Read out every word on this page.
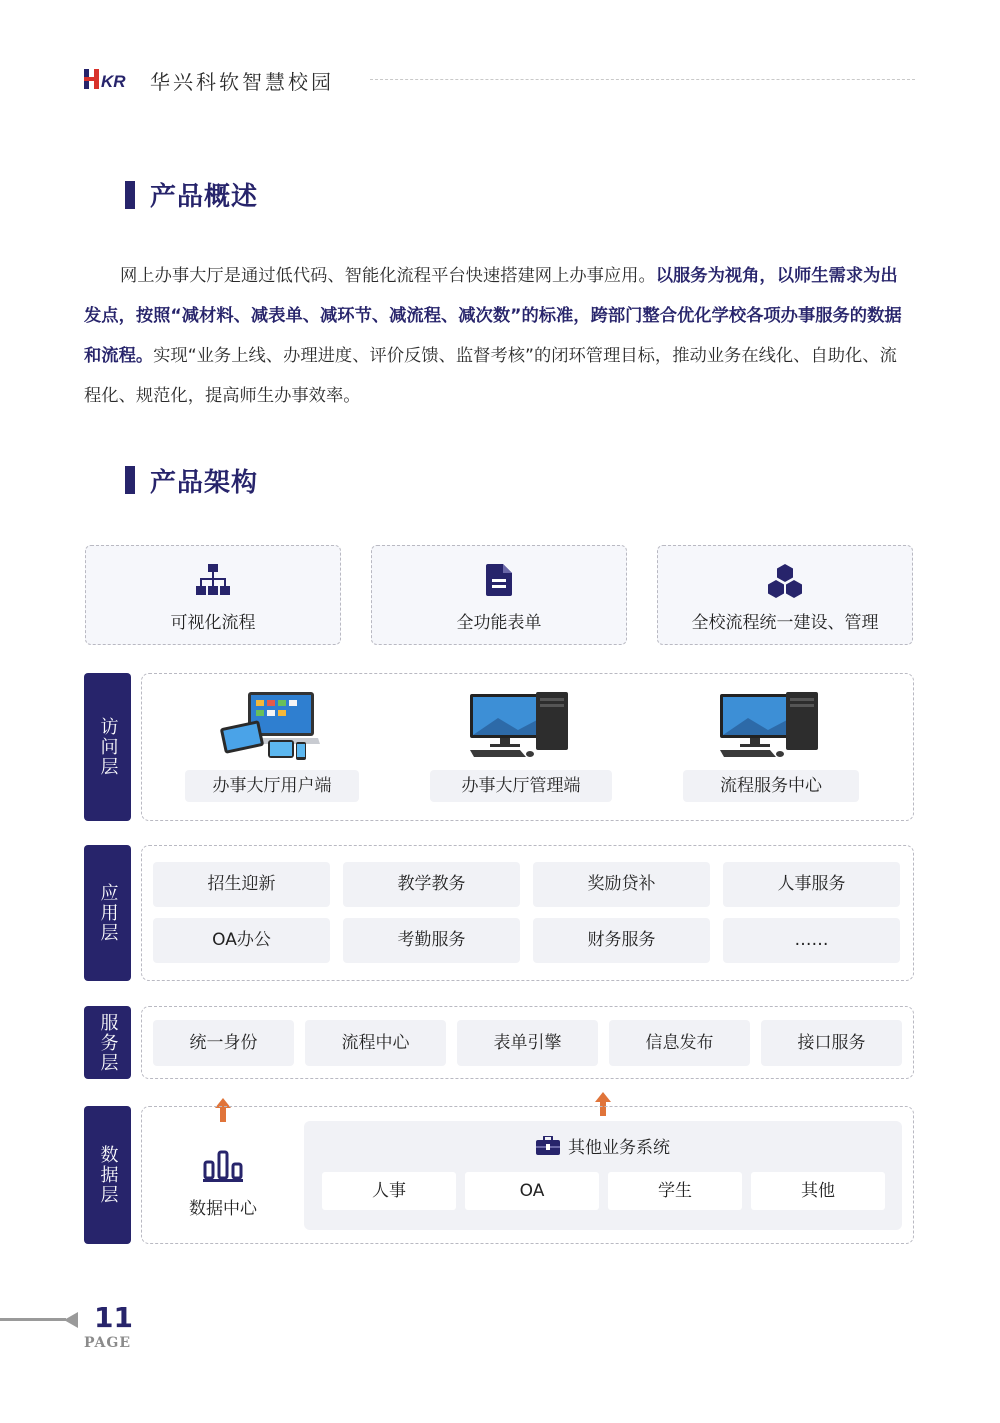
KR 华兴科软智慧校园
产品概述
网上办事大厅是通过低代码、智能化流程平台快速搭建网上办事应用。以服务为视角，以师生需求为出发点，按照“减材料、减表单、减环节、减流程、减次数”的标准，跨部门整合优化学校各项办事服务的数据和流程。实现“业务上线、办理进度、评价反馈、监督考核”的闭环管理目标，推动业务在线化、自助化、流程化、规范化，提高师生办事效率。
产品架构
可视化流程	全功能表单	全校流程统一建设、管理
访问层
办事大厅用户端	办事大厅管理端	流程服务中心
应用层	招生迎新	教学教务	奖励贷补	人事服务
OA办公	考勤服务	财务服务	……
服务层	统一身份	流程中心	表单引擎	信息发布	接口服务
数据层
数据中心
其他业务系统
人事	OA	学生	其他
11
PAGE
